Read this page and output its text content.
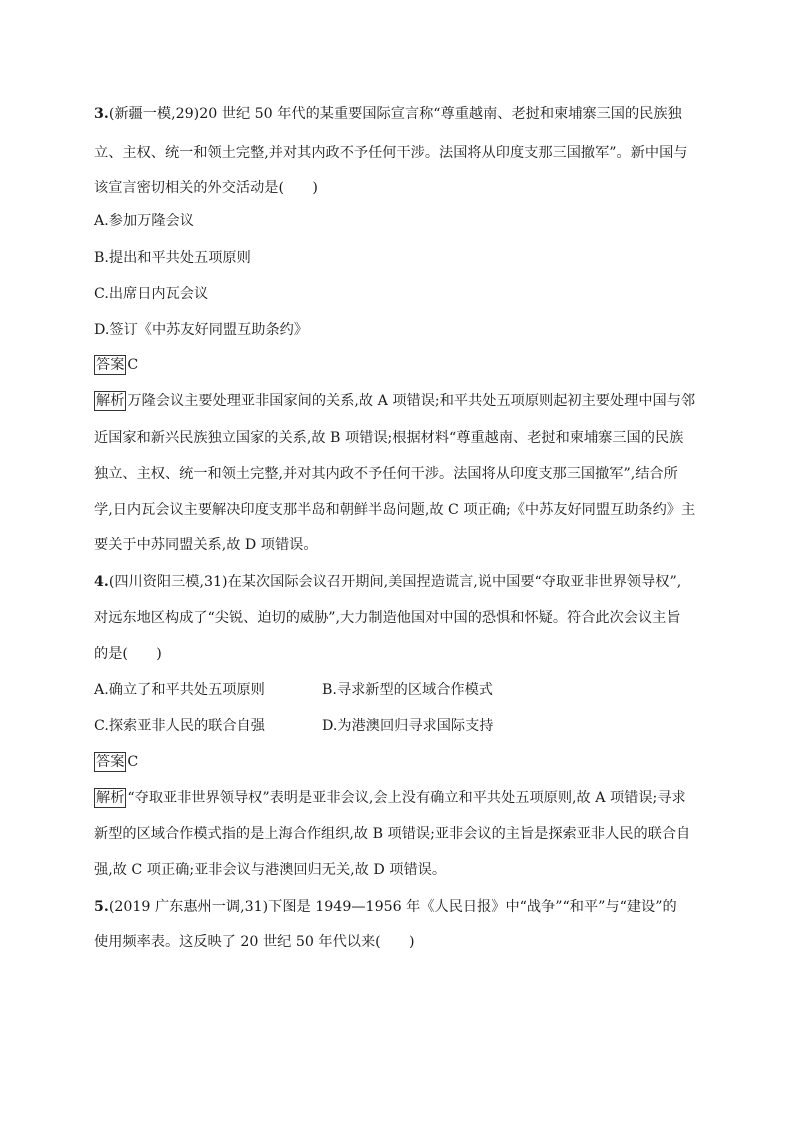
3.(新疆一模,29)20 世纪 50 年代的某重要国际宣言称“尊重越南、老挝和柬埔寨三国的民族独
立、主权、统一和领土完整,并对其内政不予任何干涉。法国将从印度支那三国撤军”。新中国与
该宣言密切相关的外交活动是(　　)
A.参加万隆会议
B.提出和平共处五项原则
C.出席日内瓦会议
D.签订《中苏友好同盟互助条约》
答案 C
解析 万隆会议主要处理亚非国家间的关系,故 A 项错误;和平共处五项原则起初主要处理中国与邻
近国家和新兴民族独立国家的关系,故 B 项错误;根据材料“尊重越南、老挝和柬埔寨三国的民族
独立、主权、统一和领土完整,并对其内政不予任何干涉。法国将从印度支那三国撤军”,结合所
学,日内瓦会议主要解决印度支那半岛和朝鲜半岛问题,故 C 项正确;《中苏友好同盟互助条约》主
要关于中苏同盟关系,故 D 项错误。
4.(四川资阳三模,31)在某次国际会议召开期间,美国捏造谎言,说中国要“夺取亚非世界领导权”,
对远东地区构成了“尖锐、迫切的威胁”,大力制造他国对中国的恐惧和怀疑。符合此次会议主旨
的是(　　)
A.确立了和平共处五项原则	B.寻求新型的区域合作模式
C.探索亚非人民的联合自强	D.为港澳回归寻求国际支持
答案 C
解析 “夺取亚非世界领导权”表明是亚非会议,会上没有确立和平共处五项原则,故 A 项错误;寻求
新型的区域合作模式指的是上海合作组织,故 B 项错误;亚非会议的主旨是探索亚非人民的联合自
强,故 C 项正确;亚非会议与港澳回归无关,故 D 项错误。
5.(2019 广东惠州一调,31)下图是 1949—1956 年《人民日报》中“战争”“和平”与“建设”的
使用频率表。这反映了 20 世纪 50 年代以来(　　)
